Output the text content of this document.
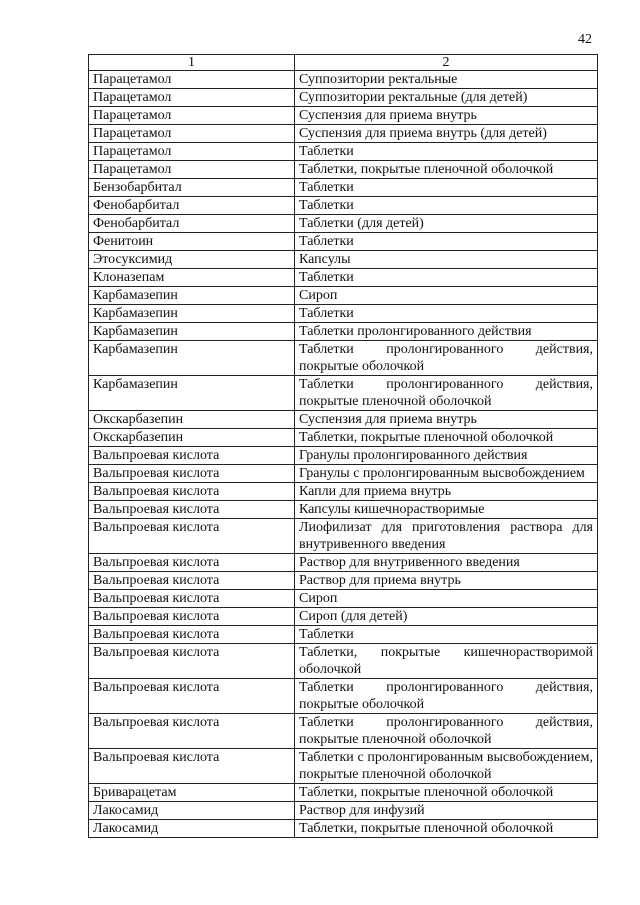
42
1	2
Парацетамол	Суппозитории ректальные
Парацетамол	Суппозитории ректальные (для детей)
Парацетамол	Суспензия для приема внутрь
Парацетамол	Суспензия для приема внутрь (для детей)
Парацетамол	Таблетки
Парацетамол	Таблетки, покрытые пленочной оболочкой
Бензобарбитал	Таблетки
Фенобарбитал	Таблетки
Фенобарбитал	Таблетки (для детей)
Фенитоин	Таблетки
Этосуксимид	Капсулы
Клоназепам	Таблетки
Карбамазепин	Сироп
Карбамазепин	Таблетки
Карбамазепин	Таблетки пролонгированного действия
Карбамазепин	Таблетки пролонгированного действия, покрытые оболочкой
Карбамазепин	Таблетки пролонгированного действия, покрытые пленочной оболочкой
Окскарбазепин	Суспензия для приема внутрь
Окскарбазепин	Таблетки, покрытые пленочной оболочкой
Вальпроевая кислота	Гранулы пролонгированного действия
Вальпроевая кислота	Гранулы с пролонгированным высвобождением
Вальпроевая кислота	Капли для приема внутрь
Вальпроевая кислота	Капсулы кишечнорастворимые
Вальпроевая кислота	Лиофилизат для приготовления раствора для внутривенного введения
Вальпроевая кислота	Раствор для внутривенного введения
Вальпроевая кислота	Раствор для приема внутрь
Вальпроевая кислота	Сироп
Вальпроевая кислота	Сироп (для детей)
Вальпроевая кислота	Таблетки
Вальпроевая кислота	Таблетки, покрытые кишечнорастворимой оболочкой
Вальпроевая кислота	Таблетки пролонгированного действия, покрытые оболочкой
Вальпроевая кислота	Таблетки пролонгированного действия, покрытые пленочной оболочкой
Вальпроевая кислота	Таблетки с пролонгированным высвобождением, покрытые пленочной оболочкой
Бриварацетам	Таблетки, покрытые пленочной оболочкой
Лакосамид	Раствор для инфузий
Лакосамид	Таблетки, покрытые пленочной оболочкой
